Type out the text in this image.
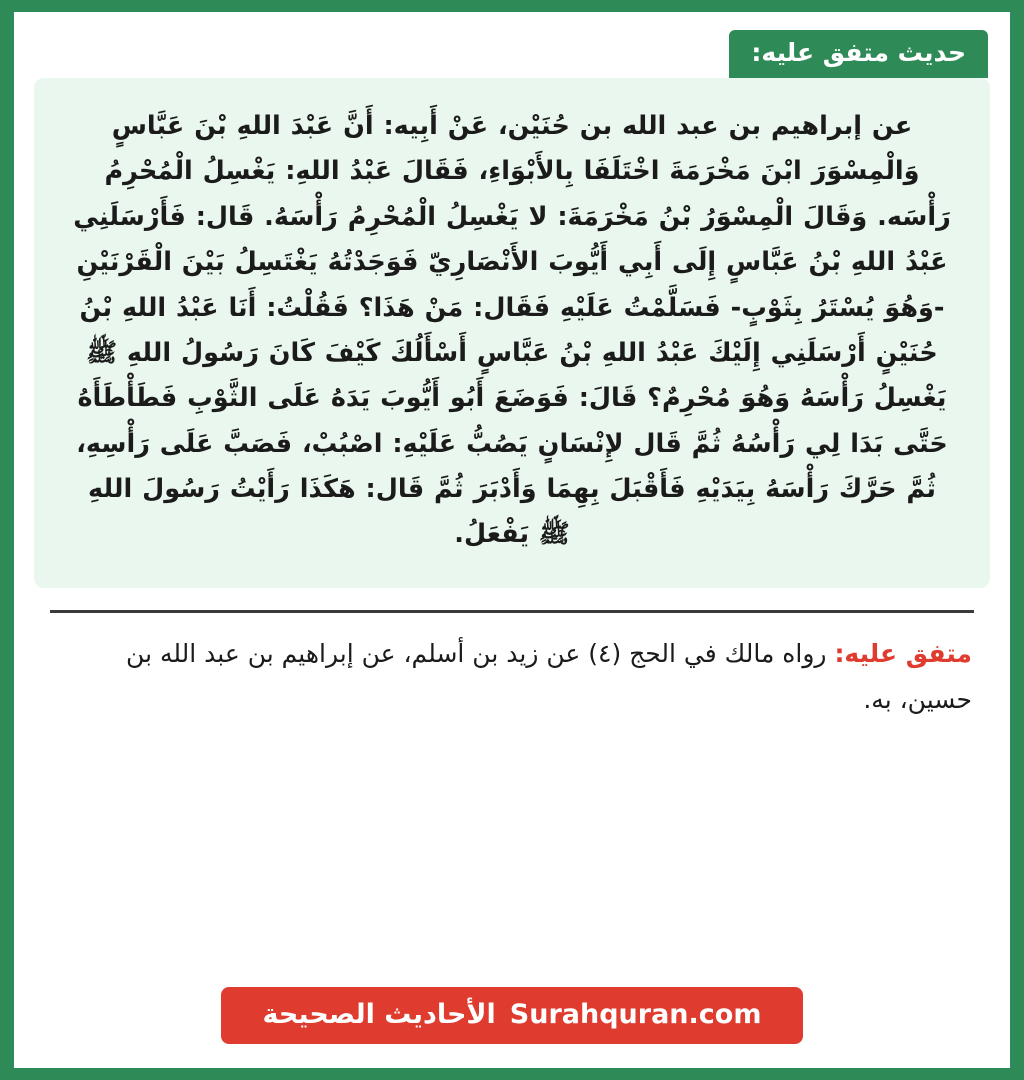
حديث متفق عليه:
عن إبراهيم بن عبد الله بن حُنَيْن، عَنْ أَبِيه: أَنَّ عَبْدَ اللهِ بْنَ عَبَّاسٍ وَالْمِسْوَرَ ابْنَ مَخْرَمَةَ اخْتَلَفَا بِالأَبْوَاءِ، فَقَالَ عَبْدُ اللهِ: يَغْسِلُ الْمُحْرِمُ رَأْسَه. وَقَالَ الْمِسْوَرُ بْنُ مَخْرَمَةَ: لا يَغْسِلُ الْمُحْرِمُ رَأْسَهُ. قَال: فَأَرْسَلَنِي عَبْدُ اللهِ بْنُ عَبَّاسٍ إِلَى أَبِي أَيُّوبَ الأَنْصَارِيّ فَوَجَدْتُهُ يَغْتَسِلُ بَيْنَ الْقَرْنَيْنِ -وَهُوَ يُسْتَرُ بِثَوْبٍ- فَسَلَّمْتُ عَلَيْهِ فَقَال: مَنْ هَذَا؟ فَقُلْتُ: أَنَا عَبْدُ اللهِ بْنُ حُنَيْنٍ أَرْسَلَنِي إِلَيْكَ عَبْدُ اللهِ بْنُ عَبَّاسٍ أَسْأَلُكَ كَيْفَ كَانَ رَسُولُ اللهِ ﷺ يَغْسِلُ رَأْسَهُ وَهُوَ مُحْرِمٌ؟ قَالَ: فَوَضَعَ أَبُو أَيُّوبَ يَدَهُ عَلَى الثَّوْبِ فَطَأْطَأَهُ حَتَّى بَدَا لِي رَأْسُهُ ثُمَّ قَال لإِنْسَانٍ يَصُبُّ عَلَيْهِ: اصْبُبْ، فَصَبَّ عَلَى رَأْسِهِ، ثُمَّ حَرَّكَ رَأْسَهُ بِيَدَيْهِ فَأَقْبَلَ بِهِمَا وَأَدْبَرَ ثُمَّ قَال: هَكَذَا رَأَيْتُ رَسُولَ اللهِ ﷺ يَفْعَلُ.
متفق عليه: رواه مالك في الحج (٤) عن زيد بن أسلم، عن إبراهيم بن عبد الله بن حسين، به.
Surahquran.com
الأحاديث الصحيحة
